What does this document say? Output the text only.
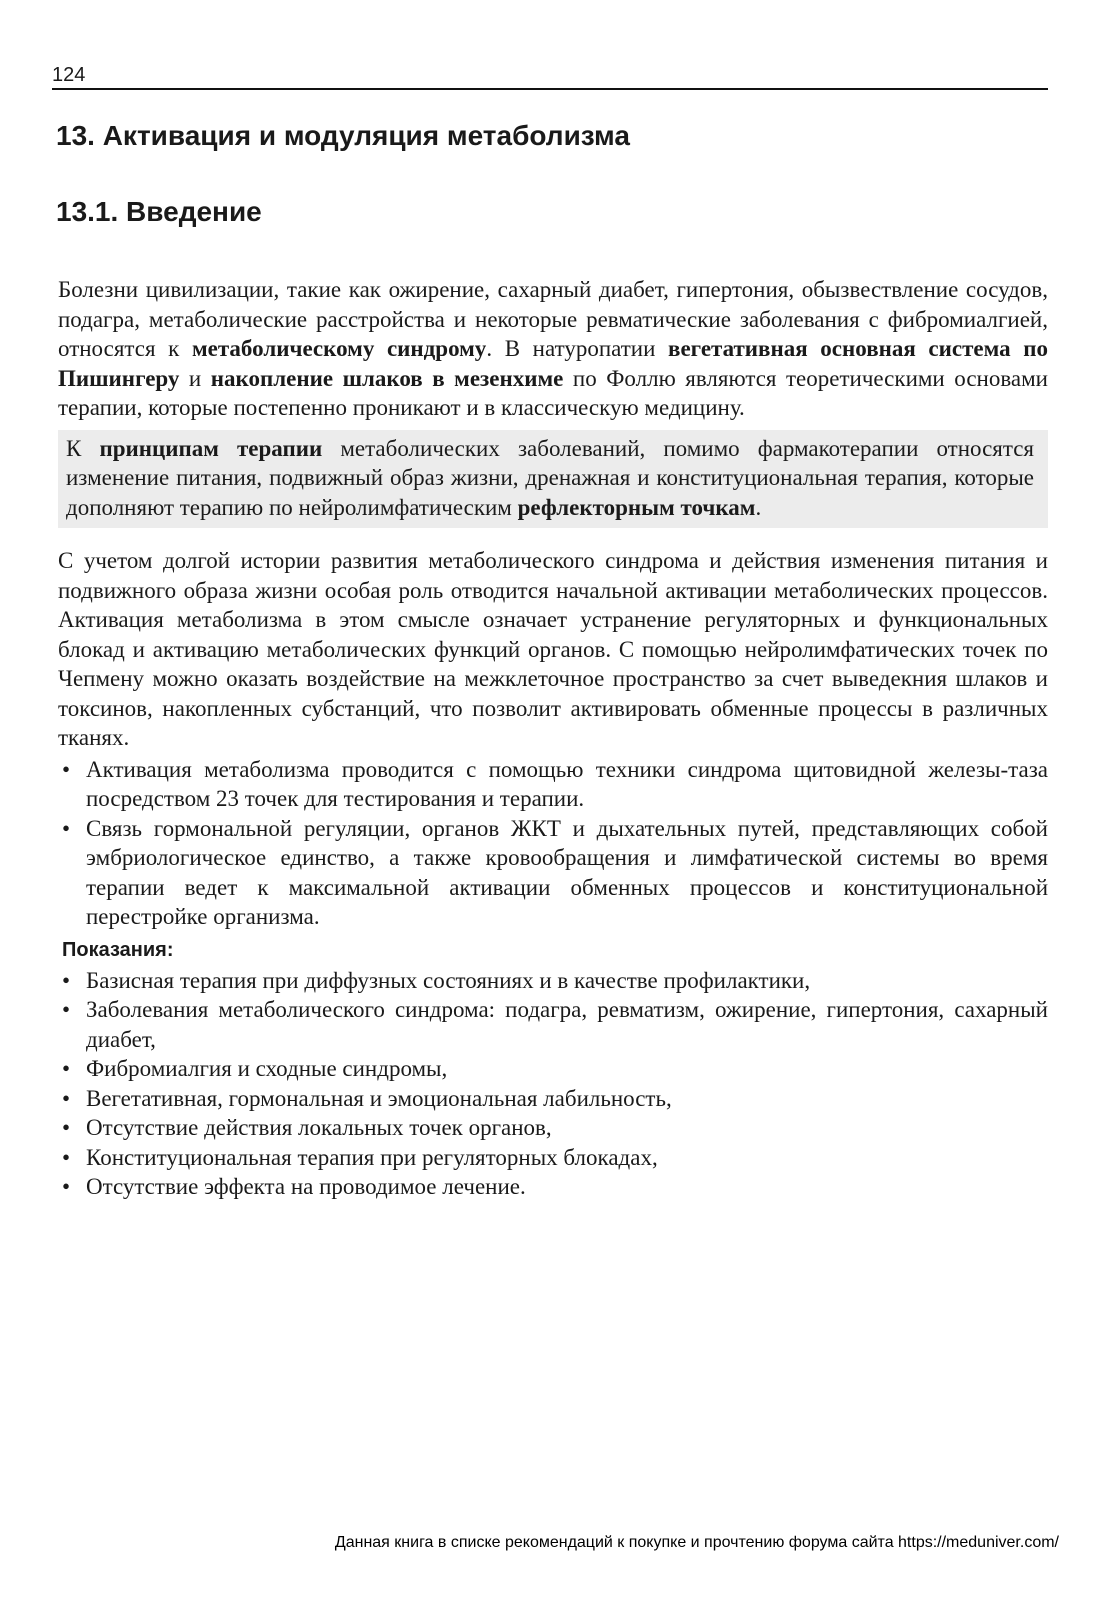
124
13. Активация и модуляция метаболизма
13.1. Введение

Болезни цивилизации, такие как ожирение, сахарный диабет, гипертония, обызвествление сосудов, подагра, метаболические расстройства и некоторые ревматические заболевания с фибромиалгией, относятся к метаболическому синдрому. В натуропатии вегетативная основная система по Пишингеру и накопление шлаков в мезенхиме по Фоллю являются теоретическими основами терапии, которые постепенно проникают и в классическую медицину.

К принципам терапии метаболических заболеваний, помимо фармакотерапии относятся изменение питания, подвижный образ жизни, дренажная и конституциональная терапия, которые дополняют терапию по нейролимфатическим рефлекторным точкам.

С учетом долгой истории развития метаболического синдрома и действия изменения питания и подвижного образа жизни особая роль отводится начальной активации метаболических процессов. Активация метаболизма в этом смысле означает устранение регуляторных и функциональных блокад и активацию метаболических функций органов. С помощью нейролимфатических точек по Чепмену можно оказать воздействие на межклеточное пространство за счет выведекния шлаков и токсинов, накопленных субстанций, что позволит активировать обменные процессы в различных тканях.

• Активация метаболизма проводится с помощью техники синдрома щитовидной железы-таза посредством 23 точек для тестирования и терапии.
• Связь гормональной регуляции, органов ЖКТ и дыхательных путей, представляющих собой эмбриологическое единство, а также кровообращения и лимфатической системы во время терапии ведет к максимальной активации обменных процессов и конституциональной перестройке организма.
Показания:
• Базисная терапия при диффузных состояниях и в качестве профилактики,
• Заболевания метаболического синдрома: подагра, ревматизм, ожирение, гипертония, сахарный диабет,
• Фибромиалгия и сходные синдромы,
• Вегетативная, гормональная и эмоциональная лабильность,
• Отсутствие действия локальных точек органов,
• Конституциональная терапия при регуляторных блокадах,
• Отсутствие эффекта на проводимое лечение.
Данная книга в списке рекомендаций к покупке и прочтению форума сайта https://meduniver.com/
